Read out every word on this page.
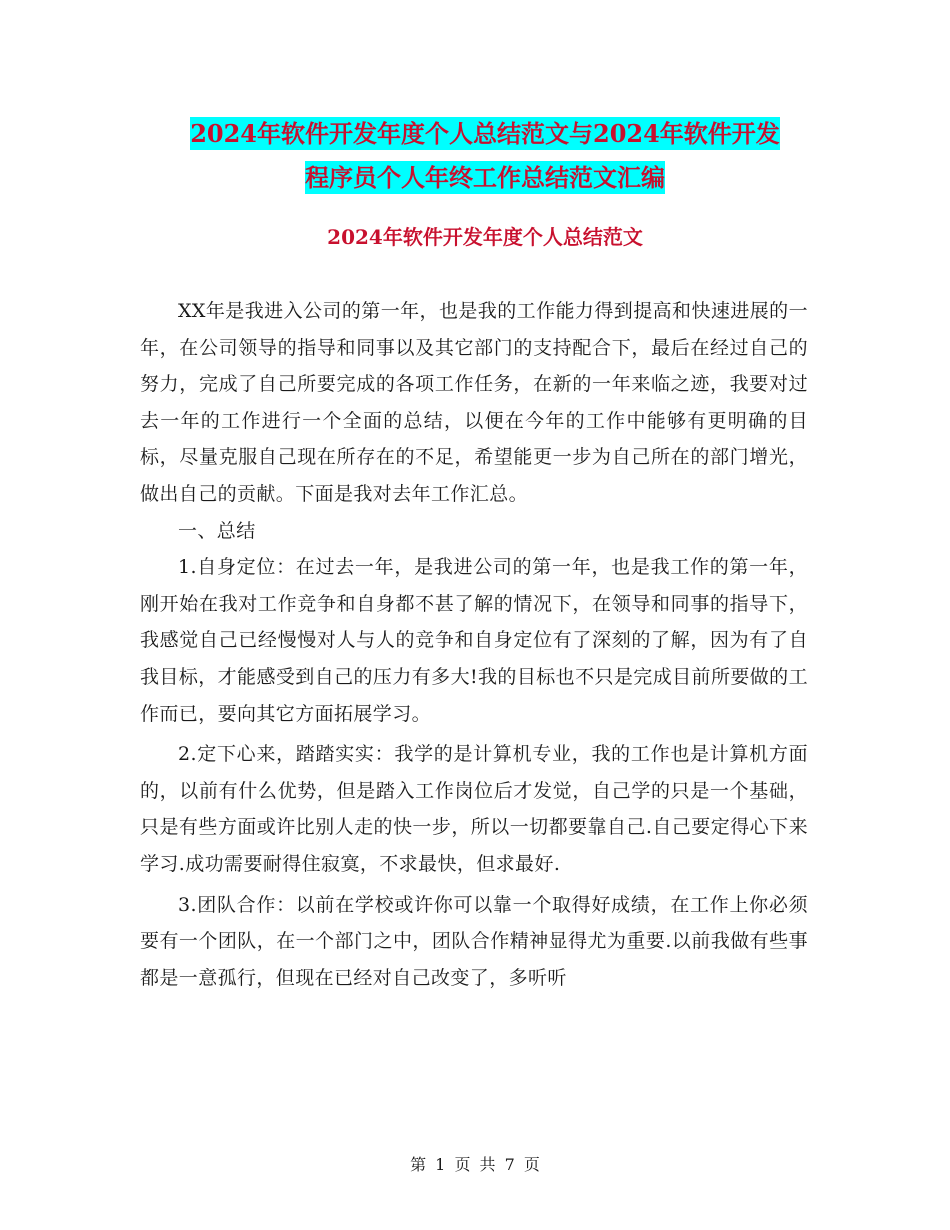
2024年软件开发年度个人总结范文与2024年软件开发
程序员个人年终工作总结范文汇编
2024年软件开发年度个人总结范文

XX年是我进入公司的第一年，也是我的工作能力得到提高和快速进展的一年，在公司领导的指导和同事以及其它部门的支持配合下，最后在经过自己的努力，完成了自己所要完成的各项工作任务，在新的一年来临之迹，我要对过去一年的工作进行一个全面的总结，以便在今年的工作中能够有更明确的目标，尽量克服自己现在所存在的不足，希望能更一步为自己所在的部门增光，做出自己的贡献。下面是我对去年工作汇总。

一、总结

1.自身定位：在过去一年，是我进公司的第一年，也是我工作的第一年，刚开始在我对工作竞争和自身都不甚了解的情况下，在领导和同事的指导下，我感觉自己已经慢慢对人与人的竞争和自身定位有了深刻的了解，因为有了自我目标，才能感受到自己的压力有多大!我的目标也不只是完成目前所要做的工作而已，要向其它方面拓展学习。

2.定下心来，踏踏实实：我学的是计算机专业，我的工作也是计算机方面的，以前有什么优势，但是踏入工作岗位后才发觉，自己学的只是一个基础，只是有些方面或许比别人走的快一步，所以一切都要靠自己.自己要定得心下来学习.成功需要耐得住寂寞，不求最快，但求最好.

3.团队合作：以前在学校或许你可以靠一个取得好成绩，在工作上你必须要有一个团队，在一个部门之中，团队合作精神显得尤为重要.以前我做有些事都是一意孤行，但现在已经对自己改变了，多听听

第 1 页 共 7 页
